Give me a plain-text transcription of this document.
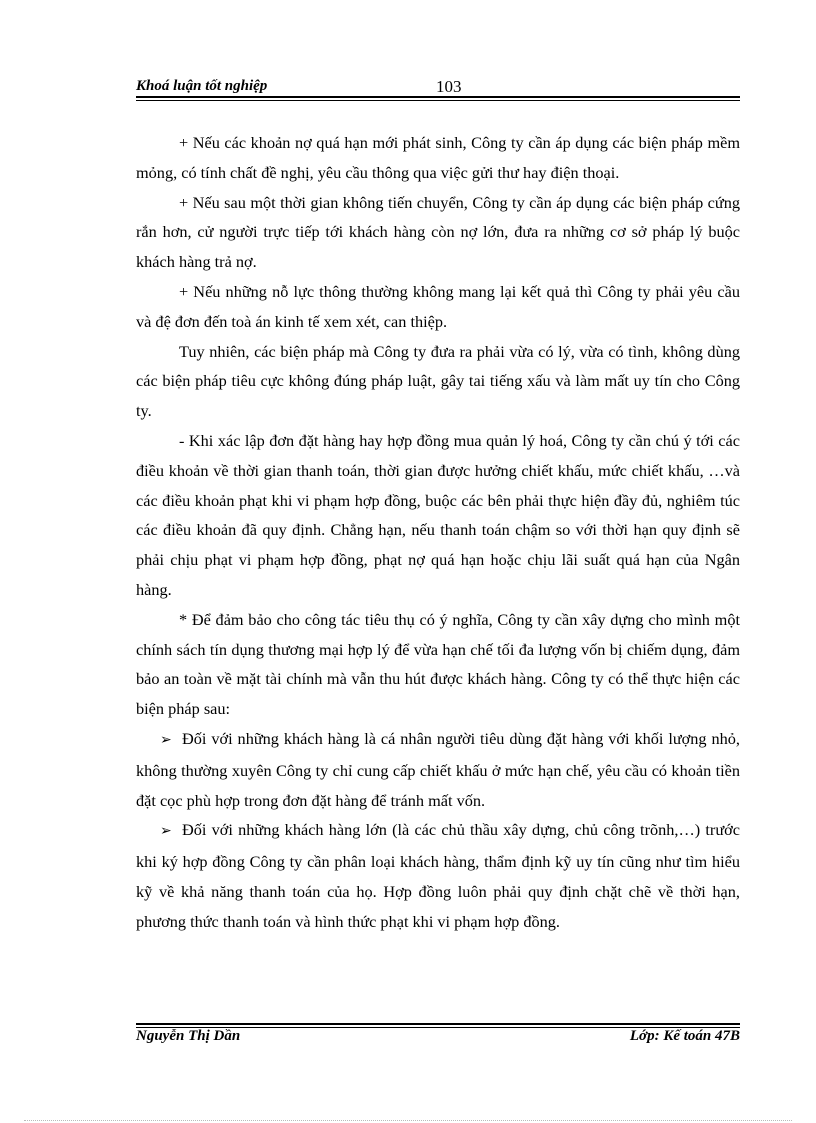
Khoá luận tốt nghiệp	103

+ Nếu các khoản nợ quá hạn mới phát sinh, Công ty cần áp dụng các biện pháp mềm mỏng, có tính chất đề nghị, yêu cầu thông qua việc gửi thư hay điện thoại.

+ Nếu sau một thời gian không tiến chuyển, Công ty cần áp dụng các biện pháp cứng rắn hơn, cử người trực tiếp tới khách hàng còn nợ lớn, đưa ra những cơ sở pháp lý buộc khách hàng trả nợ.

+ Nếu những nỗ lực thông thường không mang lại kết quả thì Công ty phải yêu cầu và đệ đơn đến toà án kinh tế xem xét, can thiệp.

Tuy nhiên, các biện pháp mà Công ty đưa ra phải vừa có lý, vừa có tình, không dùng các biện pháp tiêu cực không đúng pháp luật, gây tai tiếng xấu và làm mất uy tín cho Công ty.

- Khi xác lập đơn đặt hàng hay hợp đồng mua quản lý hoá, Công ty cần chú ý tới các điều khoản về thời gian thanh toán, thời gian được hưởng chiết khấu, mức chiết khấu, …và các điều khoản phạt khi vi phạm hợp đồng, buộc các bên phải thực hiện đầy đủ, nghiêm túc các điều khoản đã quy định. Chẳng hạn, nếu thanh toán chậm so với thời hạn quy định sẽ phải chịu phạt vi phạm hợp đồng, phạt nợ quá hạn hoặc chịu lãi suất quá hạn của Ngân hàng.

* Để đảm bảo cho công tác tiêu thụ có ý nghĩa, Công ty cần xây dựng cho mình một chính sách tín dụng thương mại hợp lý để vừa hạn chế tối đa lượng vốn bị chiếm dụng, đảm bảo an toàn về mặt tài chính mà vẫn thu hút được khách hàng. Công ty có thể thực hiện các biện pháp sau:

➢ Đối với những khách hàng là cá nhân người tiêu dùng đặt hàng với khối lượng nhỏ, không thường xuyên Công ty chỉ cung cấp chiết khấu ở mức hạn chế, yêu cầu có khoản tiền đặt cọc phù hợp trong đơn đặt hàng để tránh mất vốn.

➢ Đối với những khách hàng lớn (là các chủ thầu xây dựng, chủ công trõnh,…) trước khi ký hợp đồng Công ty cần phân loại khách hàng, thẩm định kỹ uy tín cũng như tìm hiểu kỹ về khả năng thanh toán của họ. Hợp đồng luôn phải quy định chặt chẽ về thời hạn, phương thức thanh toán và hình thức phạt khi vi phạm hợp đồng.

Nguyễn Thị Dần	Lớp: Kế toán 47B
